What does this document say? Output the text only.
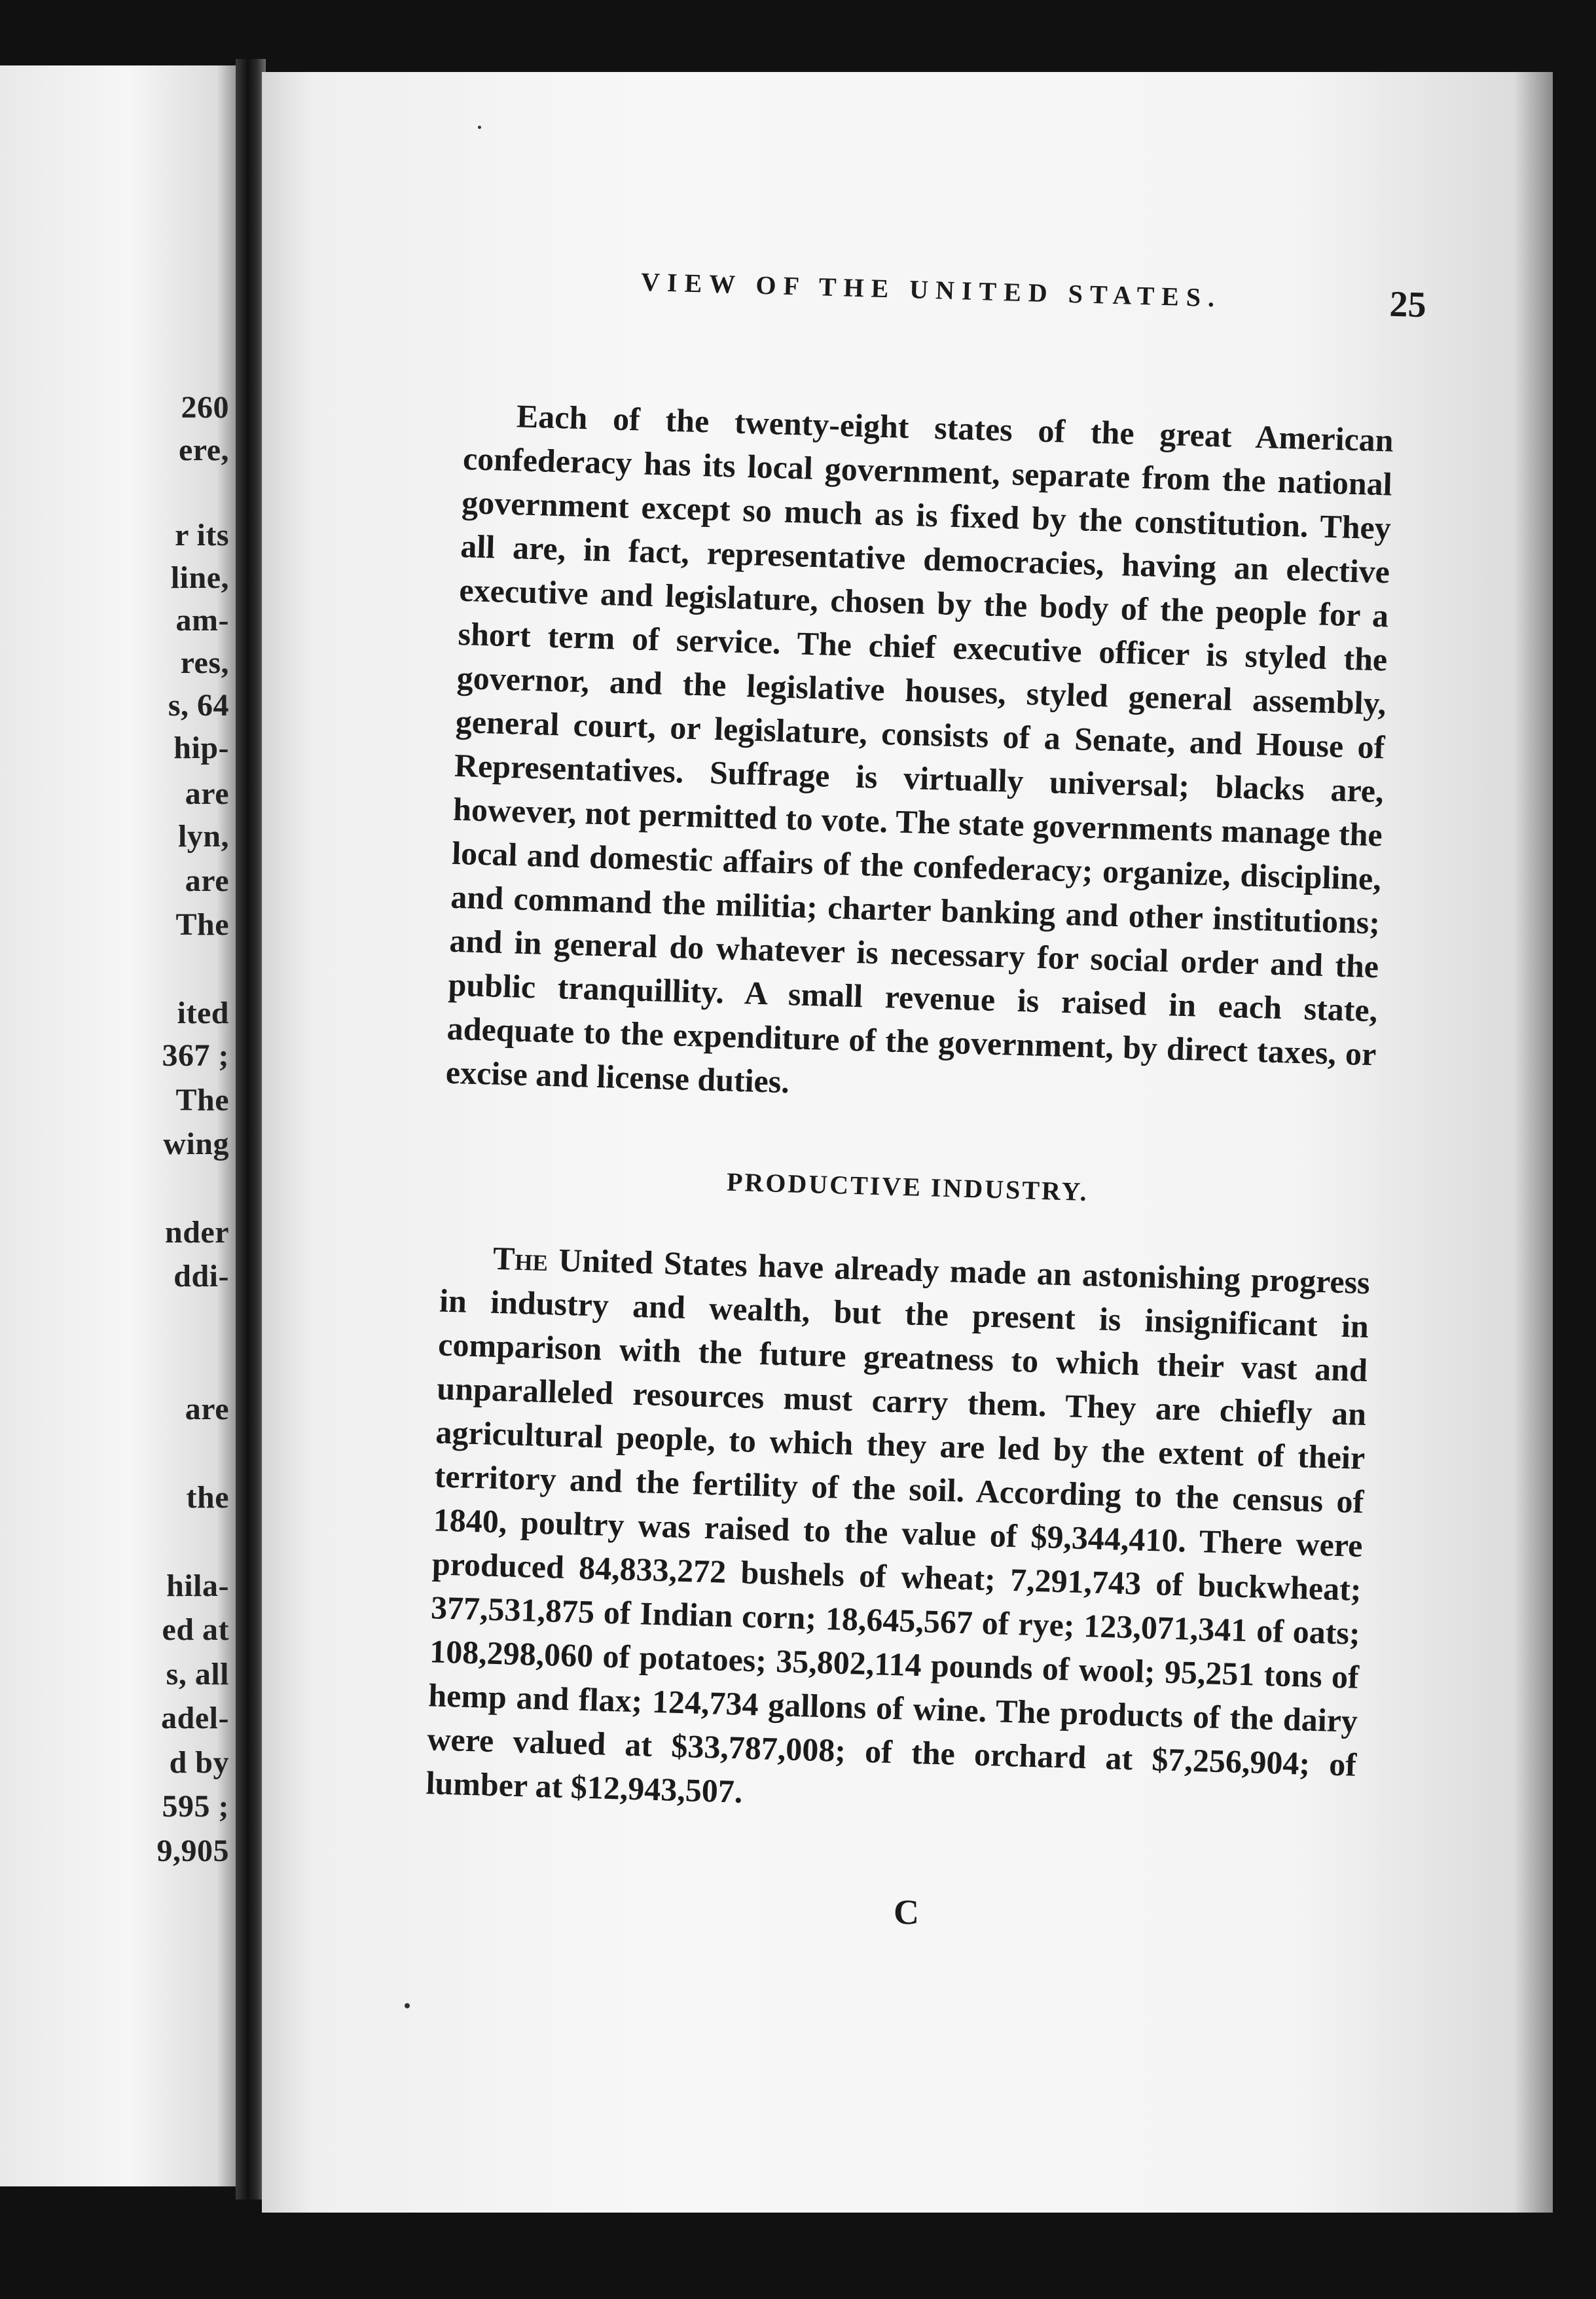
260
ere,
r its
line,
am-
res,
s, 64
hip-
are
lyn,
are
The
ited
367 ;
The
wing
nder
ddi-
are
the
hila-
ed at
s, all
adel-
d by
595 ;
9,905
VIEW OF THE UNITED STATES.	25

Each of the twenty-eight states of the great American confederacy has its local government, separate from the national government except so much as is fixed by the constitution. They all are, in fact, representative democracies, having an elective executive and legislature, chosen by the body of the people for a short term of service. The chief executive officer is styled the governor, and the legislative houses, styled general assembly, general court, or legislature, consists of a Senate, and House of Representatives. Suffrage is virtually universal; blacks are, however, not permitted to vote. The state governments manage the local and domestic affairs of the confederacy; organize, discipline, and command the militia; charter banking and other institutions; and in general do whatever is necessary for social order and the public tranquillity. A small revenue is raised in each state, adequate to the expenditure of the government, by direct taxes, or excise and license duties.

PRODUCTIVE INDUSTRY.

The United States have already made an astonishing progress in industry and wealth, but the present is insignificant in comparison with the future greatness to which their vast and unparalleled resources must carry them. They are chiefly an agricultural people, to which they are led by the extent of their territory and the fertility of the soil. According to the census of 1840, poultry was raised to the value of $9,344,410. There were produced 84,833,272 bushels of wheat; 7,291,743 of buckwheat; 377,531,875 of Indian corn; 18,645,567 of rye; 123,071,341 of oats; 108,298,060 of potatoes; 35,802,114 pounds of wool; 95,251 tons of hemp and flax; 124,734 gallons of wine. The products of the dairy were valued at $33,787,008; of the orchard at $7,256,904; of lumber at $12,943,507.

C
